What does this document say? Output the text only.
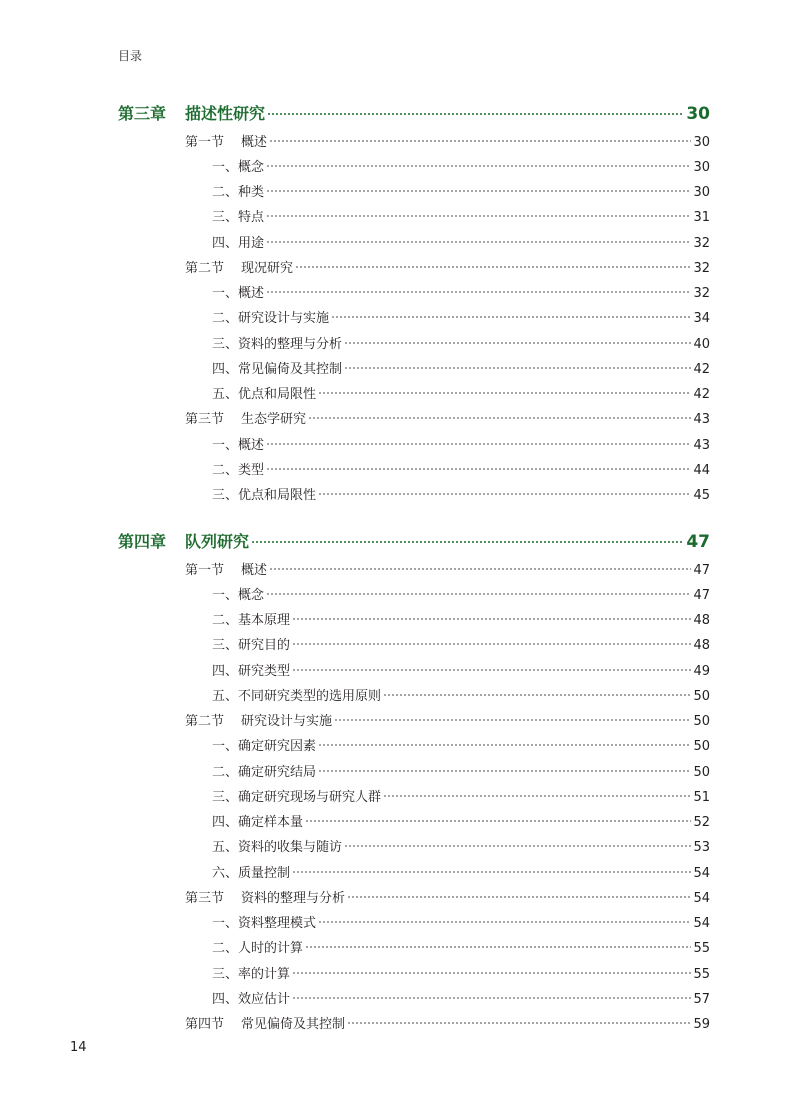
目录
第三章 描述性研究	30
第一节 概述	30
一、概念	30
二、种类	30
三、特点	31
四、用途	32
第二节 现况研究	32
一、概述	32
二、研究设计与实施	34
三、资料的整理与分析	40
四、常见偏倚及其控制	42
五、优点和局限性	42
第三节 生态学研究	43
一、概述	43
二、类型	44
三、优点和局限性	45
第四章 队列研究	47
第一节 概述	47
一、概念	47
二、基本原理	48
三、研究目的	48
四、研究类型	49
五、不同研究类型的选用原则	50
第二节 研究设计与实施	50
一、确定研究因素	50
二、确定研究结局	50
三、确定研究现场与研究人群	51
四、确定样本量	52
五、资料的收集与随访	53
六、质量控制	54
第三节 资料的整理与分析	54
一、资料整理模式	54
二、人时的计算	55
三、率的计算	55
四、效应估计	57
第四节 常见偏倚及其控制	59
14
